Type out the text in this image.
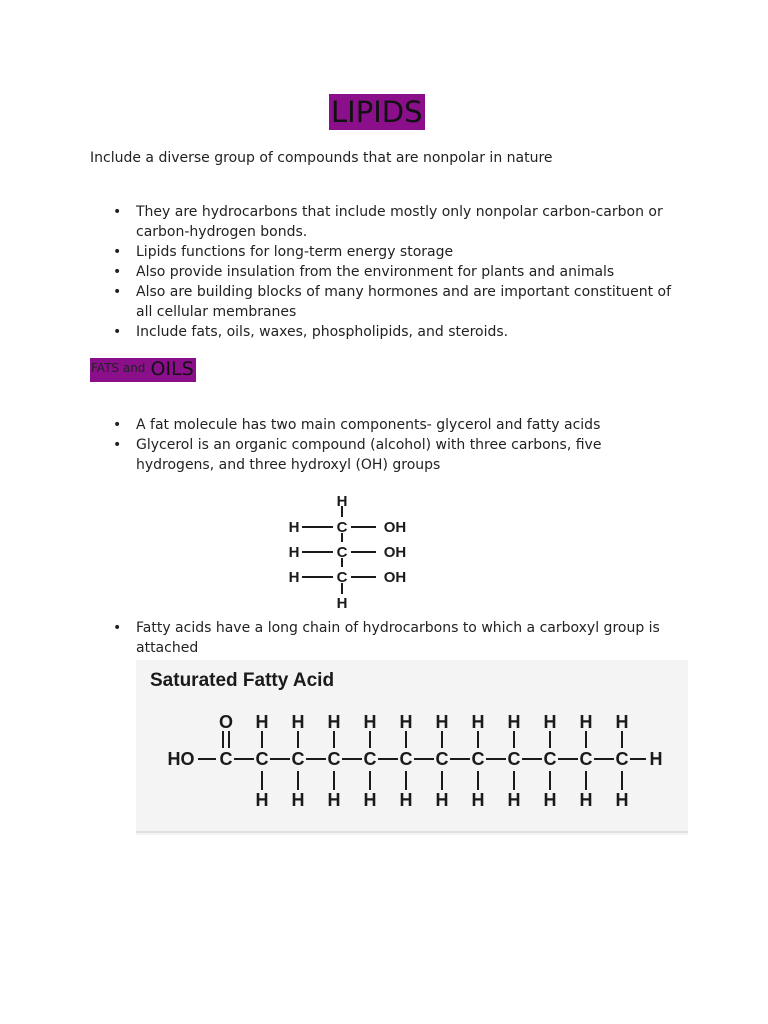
LIPIDS
Include a diverse group of compounds that are nonpolar in nature
• They are hydrocarbons that include mostly only nonpolar carbon-carbon or carbon-hydrogen bonds.
• Lipids functions for long-term energy storage
• Also provide insulation from the environment for plants and animals
• Also are building blocks of many hormones and are important constituent of all cellular membranes
• Include fats, oils, waxes, phospholipids, and steroids.
FATS and OILS
• A fat molecule has two main components- glycerol and fatty acids
• Glycerol is an organic compound (alcohol) with three carbons, five hydrogens, and three hydroxyl (OH) groups
H
H C OH
H C OH
H C OH
H
• Fatty acids have a long chain of hydrocarbons to which a carboxyl group is attached
Saturated Fatty Acid
HO C
O
C
H
H
C
H
H
C
H
H
C
H
H
C
H
H
C
H
H
C
H
H
C
H
H
C
H
H
C
H
H
C
H
H
H
